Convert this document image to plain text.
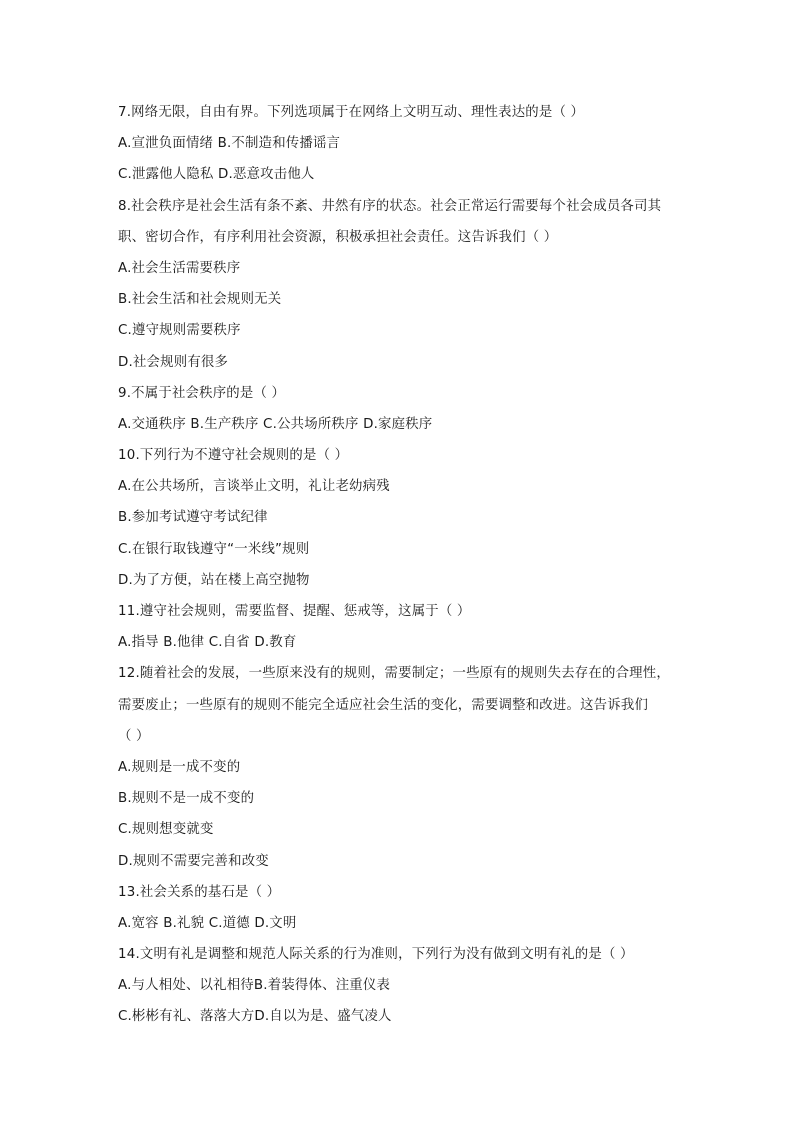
7.网络无限，自由有界。下列选项属于在网络上文明互动、理性表达的是（ ）
A.宣泄负面情绪 B.不制造和传播谣言
C.泄露他人隐私 D.恶意攻击他人
8.社会秩序是社会生活有条不紊、井然有序的状态。社会正常运行需要每个社会成员各司其
职、密切合作，有序利用社会资源，积极承担社会责任。这告诉我们（ ）
A.社会生活需要秩序
B.社会生活和社会规则无关
C.遵守规则需要秩序
D.社会规则有很多
9.不属于社会秩序的是（ ）
A.交通秩序 B.生产秩序 C.公共场所秩序 D.家庭秩序
10.下列行为不遵守社会规则的是（ ）
A.在公共场所，言谈举止文明，礼让老幼病残
B.参加考试遵守考试纪律
C.在银行取钱遵守“一米线”规则
D.为了方便，站在楼上高空抛物
11.遵守社会规则，需要监督、提醒、惩戒等，这属于（ ）
A.指导 B.他律 C.自省 D.教育
12.随着社会的发展，一些原来没有的规则，需要制定；一些原有的规则失去存在的合理性，
需要废止；一些原有的规则不能完全适应社会生活的变化，需要调整和改进。这告诉我们
（ ）
A.规则是一成不变的
B.规则不是一成不变的
C.规则想变就变
D.规则不需要完善和改变
13.社会关系的基石是（ ）
A.宽容 B.礼貌 C.道德 D.文明
14.文明有礼是调整和规范人际关系的行为准则，下列行为没有做到文明有礼的是（ ）
A.与人相处、以礼相待B.着装得体、注重仪表
C.彬彬有礼、落落大方D.自以为是、盛气凌人
